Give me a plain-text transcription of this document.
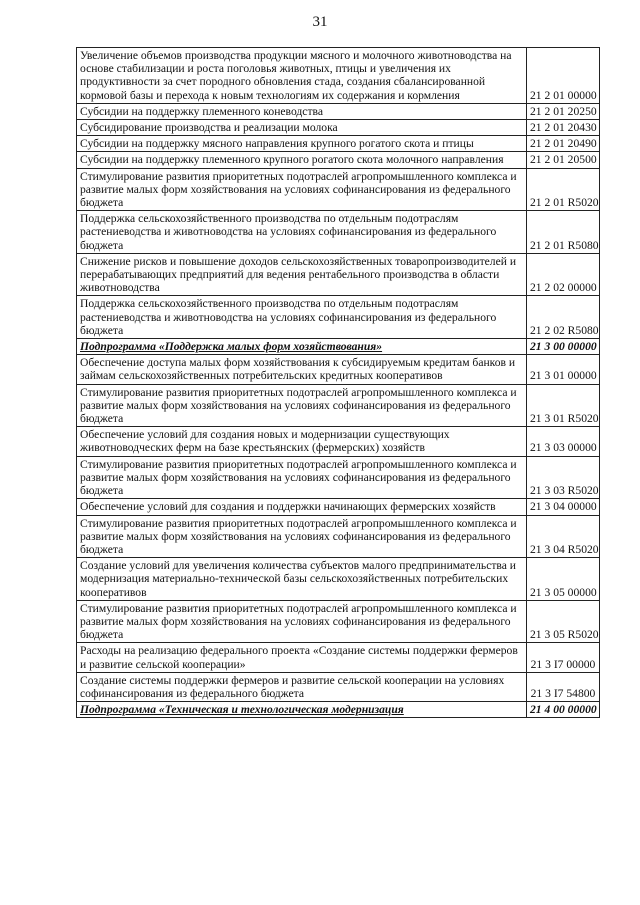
31
Увеличение объемов производства продукции мясного и молочного животноводства на основе стабилизации и роста поголовья животных, птицы и увеличения их продуктивности за счет породного обновления стада, создания сбалансированной кормовой базы и перехода к новым технологиям их содержания и кормления	21 2 01 00000
Субсидии на поддержку племенного коневодства	21 2 01 20250
Субсидирование производства и реализации молока	21 2 01 20430
Субсидии на поддержку мясного направления крупного рогатого скота и птицы	21 2 01 20490
Субсидии на поддержку племенного крупного рогатого скота молочного направления	21 2 01 20500
Стимулирование развития приоритетных подотраслей агропромышленного комплекса и развитие малых форм хозяйствования на условиях софинансирования из федерального бюджета	21 2 01 R5020
Поддержка сельскохозяйственного производства по отдельным подотраслям растениеводства и животноводства на условиях софинансирования из федерального бюджета	21 2 01 R5080
Снижение рисков и повышение доходов сельскохозяйственных товаропроизводителей и перерабатывающих предприятий для ведения рентабельного производства в области животноводства	21 2 02 00000
Поддержка сельскохозяйственного производства по отдельным подотраслям растениеводства и животноводства на условиях софинансирования из федерального бюджета	21 2 02 R5080
Подпрограмма «Поддержка малых форм хозяйствования»	21 3 00 00000
Обеспечение доступа малых форм хозяйствования к субсидируемым кредитам банков и займам сельскохозяйственных потребительских кредитных кооперативов	21 3 01 00000
Стимулирование развития приоритетных подотраслей агропромышленного комплекса и развитие малых форм хозяйствования на условиях софинансирования из федерального бюджета	21 3 01 R5020
Обеспечение условий для создания новых и модернизации существующих животноводческих ферм на базе крестьянских (фермерских) хозяйств	21 3 03 00000
Стимулирование развития приоритетных подотраслей агропромышленного комплекса и развитие малых форм хозяйствования на условиях софинансирования из федерального бюджета	21 3 03 R5020
Обеспечение условий для создания и поддержки начинающих фермерских хозяйств	21 3 04 00000
Стимулирование развития приоритетных подотраслей агропромышленного комплекса и развитие малых форм хозяйствования на условиях софинансирования из федерального бюджета	21 3 04 R5020
Создание условий для увеличения количества субъектов малого предпринимательства и модернизация материально-технической базы сельскохозяйственных потребительских кооперативов	21 3 05 00000
Стимулирование развития приоритетных подотраслей агропромышленного комплекса и развитие малых форм хозяйствования на условиях софинансирования из федерального бюджета	21 3 05 R5020
Расходы на реализацию федерального проекта «Создание системы поддержки фермеров и развитие сельской кооперации»	21 3 I7 00000
Создание системы поддержки фермеров и развитие сельской кооперации на условиях софинансирования из федерального бюджета	21 3 I7 54800
Подпрограмма «Техническая и технологическая модернизация	21 4 00 00000
